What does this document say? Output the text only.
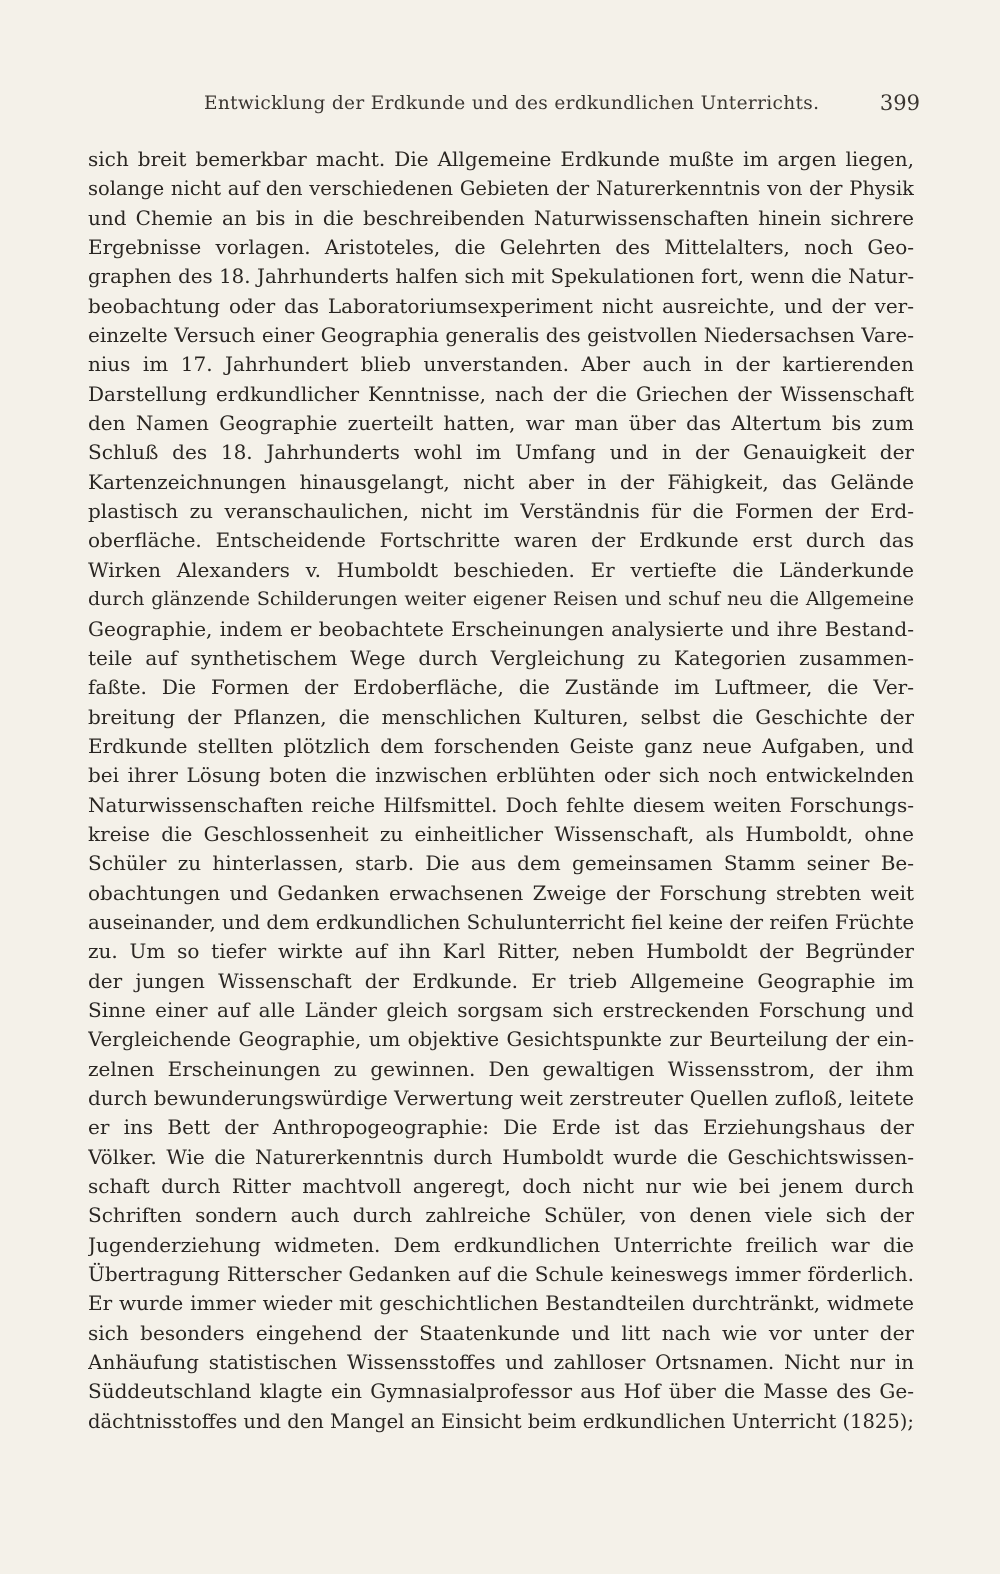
Entwicklung der Erdkunde und des erdkundlichen Unterrichts.	399
sich breit bemerkbar macht. Die Allgemeine Erdkunde mußte im argen liegen,
solange nicht auf den verschiedenen Gebieten der Naturerkenntnis von der Physik
und Chemie an bis in die beschreibenden Naturwissenschaften hinein sichrere
Ergebnisse vorlagen. Aristoteles, die Gelehrten des Mittelalters, noch Geo-
graphen des 18. Jahrhunderts halfen sich mit Spekulationen fort, wenn die Natur-
beobachtung oder das Laboratoriumsexperiment nicht ausreichte, und der ver-
einzelte Versuch einer Geographia generalis des geistvollen Niedersachsen Vare-
nius im 17. Jahrhundert blieb unverstanden. Aber auch in der kartierenden
Darstellung erdkundlicher Kenntnisse, nach der die Griechen der Wissenschaft
den Namen Geographie zuerteilt hatten, war man über das Altertum bis zum
Schluß des 18. Jahrhunderts wohl im Umfang und in der Genauigkeit der
Kartenzeichnungen hinausgelangt, nicht aber in der Fähigkeit, das Gelände
plastisch zu veranschaulichen, nicht im Verständnis für die Formen der Erd-
oberfläche. Entscheidende Fortschritte waren der Erdkunde erst durch das
Wirken Alexanders v. Humboldt beschieden. Er vertiefte die Länderkunde
durch glänzende Schilderungen weiter eigener Reisen und schuf neu die Allgemeine
Geographie, indem er beobachtete Erscheinungen analysierte und ihre Bestand-
teile auf synthetischem Wege durch Vergleichung zu Kategorien zusammen-
faßte. Die Formen der Erdoberfläche, die Zustände im Luftmeer, die Ver-
breitung der Pflanzen, die menschlichen Kulturen, selbst die Geschichte der
Erdkunde stellten plötzlich dem forschenden Geiste ganz neue Aufgaben, und
bei ihrer Lösung boten die inzwischen erblühten oder sich noch entwickelnden
Naturwissenschaften reiche Hilfsmittel. Doch fehlte diesem weiten Forschungs-
kreise die Geschlossenheit zu einheitlicher Wissenschaft, als Humboldt, ohne
Schüler zu hinterlassen, starb. Die aus dem gemeinsamen Stamm seiner Be-
obachtungen und Gedanken erwachsenen Zweige der Forschung strebten weit
auseinander, und dem erdkundlichen Schulunterricht fiel keine der reifen Früchte
zu. Um so tiefer wirkte auf ihn Karl Ritter, neben Humboldt der Begründer
der jungen Wissenschaft der Erdkunde. Er trieb Allgemeine Geographie im
Sinne einer auf alle Länder gleich sorgsam sich erstreckenden Forschung und
Vergleichende Geographie, um objektive Gesichtspunkte zur Beurteilung der ein-
zelnen Erscheinungen zu gewinnen. Den gewaltigen Wissensstrom, der ihm
durch bewunderungswürdige Verwertung weit zerstreuter Quellen zufloß, leitete
er ins Bett der Anthropogeographie: Die Erde ist das Erziehungshaus der
Völker. Wie die Naturerkenntnis durch Humboldt wurde die Geschichtswissen-
schaft durch Ritter machtvoll angeregt, doch nicht nur wie bei jenem durch
Schriften sondern auch durch zahlreiche Schüler, von denen viele sich der
Jugenderziehung widmeten. Dem erdkundlichen Unterrichte freilich war die
Übertragung Ritterscher Gedanken auf die Schule keineswegs immer förderlich.
Er wurde immer wieder mit geschichtlichen Bestandteilen durchtränkt, widmete
sich besonders eingehend der Staatenkunde und litt nach wie vor unter der
Anhäufung statistischen Wissensstoffes und zahlloser Ortsnamen. Nicht nur in
Süddeutschland klagte ein Gymnasialprofessor aus Hof über die Masse des Ge-
dächtnisstoffes und den Mangel an Einsicht beim erdkundlichen Unterricht (1825);
